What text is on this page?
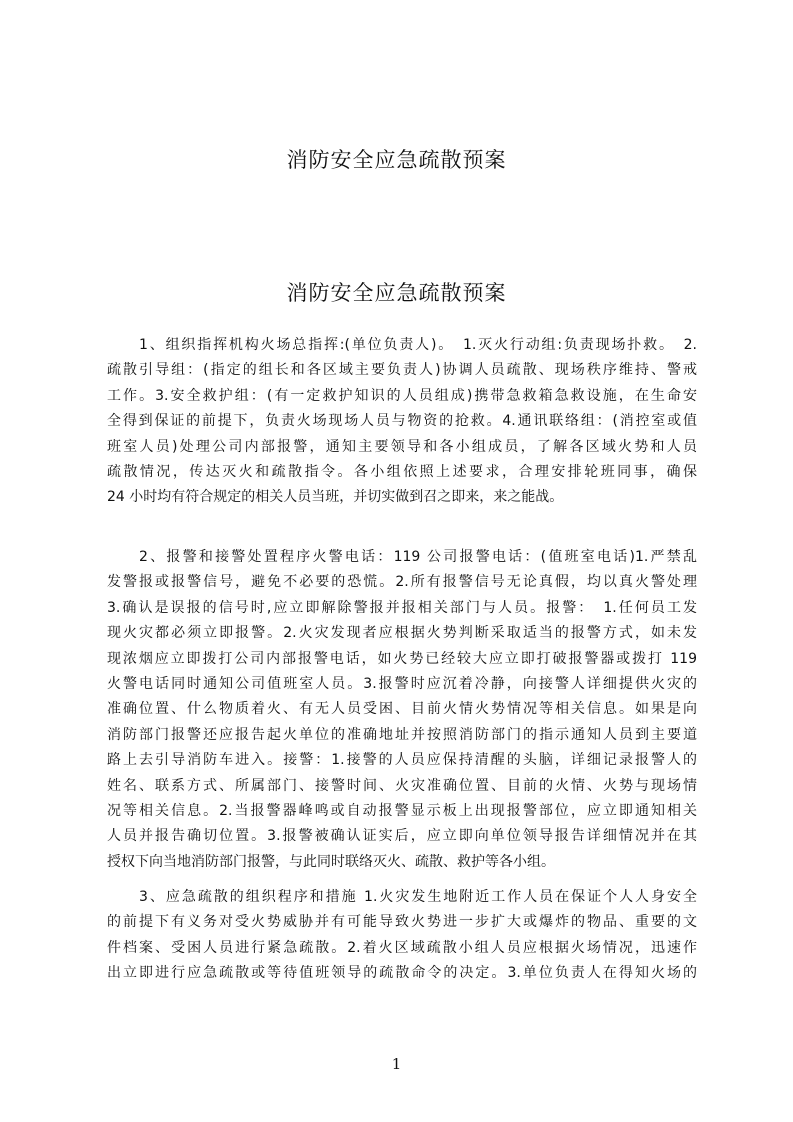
消防安全应急疏散预案
消防安全应急疏散预案
1、组织指挥机构火场总指挥:(单位负责人)。　1.灭火行动组:负责现场扑救。　2.
疏散引导组：(指定的组长和各区域主要负责人)协调人员疏散、现场秩序维持、警戒
工作。3.安全救护组：(有一定救护知识的人员组成)携带急救箱急救设施，在生命安
全得到保证的前提下，负责火场现场人员与物资的抢救。4.通讯联络组：(消控室或值
班室人员)处理公司内部报警，通知主要领导和各小组成员，了解各区域火势和人员
疏散情况，传达灭火和疏散指令。各小组依照上述要求，合理安排轮班同事，确保
24 小时均有符合规定的相关人员当班，并切实做到召之即来，来之能战。
2、报警和接警处置程序火警电话：119 公司报警电话：(值班室电话)1.严禁乱
发警报或报警信号，避免不必要的恐慌。2.所有报警信号无论真假，均以真火警处理
3.确认是误报的信号时,应立即解除警报并报相关部门与人员。报警：　1.任何员工发
现火灾都必须立即报警。2.火灾发现者应根据火势判断采取适当的报警方式，如未发
现浓烟应立即拨打公司内部报警电话，如火势已经较大应立即打破报警器或拨打 119
火警电话同时通知公司值班室人员。3.报警时应沉着冷静，向接警人详细提供火灾的
准确位置、什么物质着火、有无人员受困、目前火情火势情况等相关信息。如果是向
消防部门报警还应报告起火单位的准确地址并按照消防部门的指示通知人员到主要道
路上去引导消防车进入。接警：1.接警的人员应保持清醒的头脑，详细记录报警人的
姓名、联系方式、所属部门、接警时间、火灾准确位置、目前的火情、火势与现场情
况等相关信息。2.当报警器峰鸣或自动报警显示板上出现报警部位，应立即通知相关
人员并报告确切位置。3.报警被确认证实后，应立即向单位领导报告详细情况并在其
授权下向当地消防部门报警，与此同时联络灭火、疏散、救护等各小组。
3、应急疏散的组织程序和措施 1.火灾发生地附近工作人员在保证个人人身安全
的前提下有义务对受火势威胁并有可能导致火势进一步扩大或爆炸的物品、重要的文
件档案、受困人员进行紧急疏散。2.着火区域疏散小组人员应根据火场情况，迅速作
出立即进行应急疏散或等待值班领导的疏散命令的决定。3.单位负责人在得知火场的
1
